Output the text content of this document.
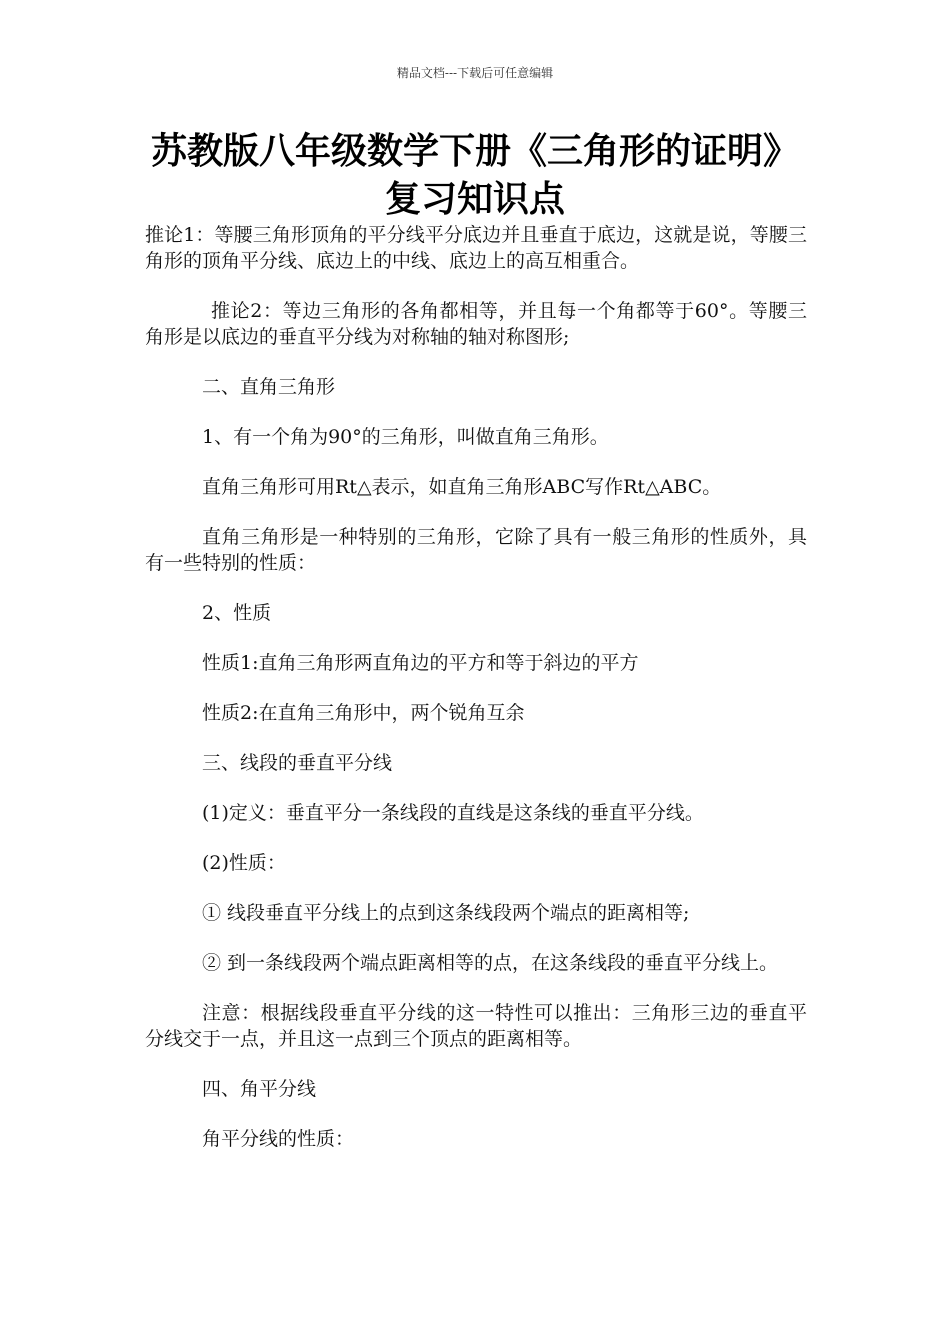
精品文档---下载后可任意编辑
苏教版八年级数学下册《三角形的证明》复习知识点

推论1：等腰三角形顶角的平分线平分底边并且垂直于底边，这就是说，等腰三角形的顶角平分线、底边上的中线、底边上的高互相重合。

推论2：等边三角形的各角都相等，并且每一个角都等于60°。等腰三角形是以底边的垂直平分线为对称轴的轴对称图形;

二、直角三角形

1、有一个角为90°的三角形，叫做直角三角形。

直角三角形可用Rt△表示，如直角三角形ABC写作Rt△ABC。

直角三角形是一种特别的三角形，它除了具有一般三角形的性质外，具有一些特别的性质：

2、性质

性质1:直角三角形两直角边的平方和等于斜边的平方

性质2:在直角三角形中，两个锐角互余

三、线段的垂直平分线

(1)定义：垂直平分一条线段的直线是这条线的垂直平分线。

(2)性质：

① 线段垂直平分线上的点到这条线段两个端点的距离相等;

② 到一条线段两个端点距离相等的点，在这条线段的垂直平分线上。

注意：根据线段垂直平分线的这一特性可以推出：三角形三边的垂直平分线交于一点，并且这一点到三个顶点的距离相等。

四、角平分线

角平分线的性质：
